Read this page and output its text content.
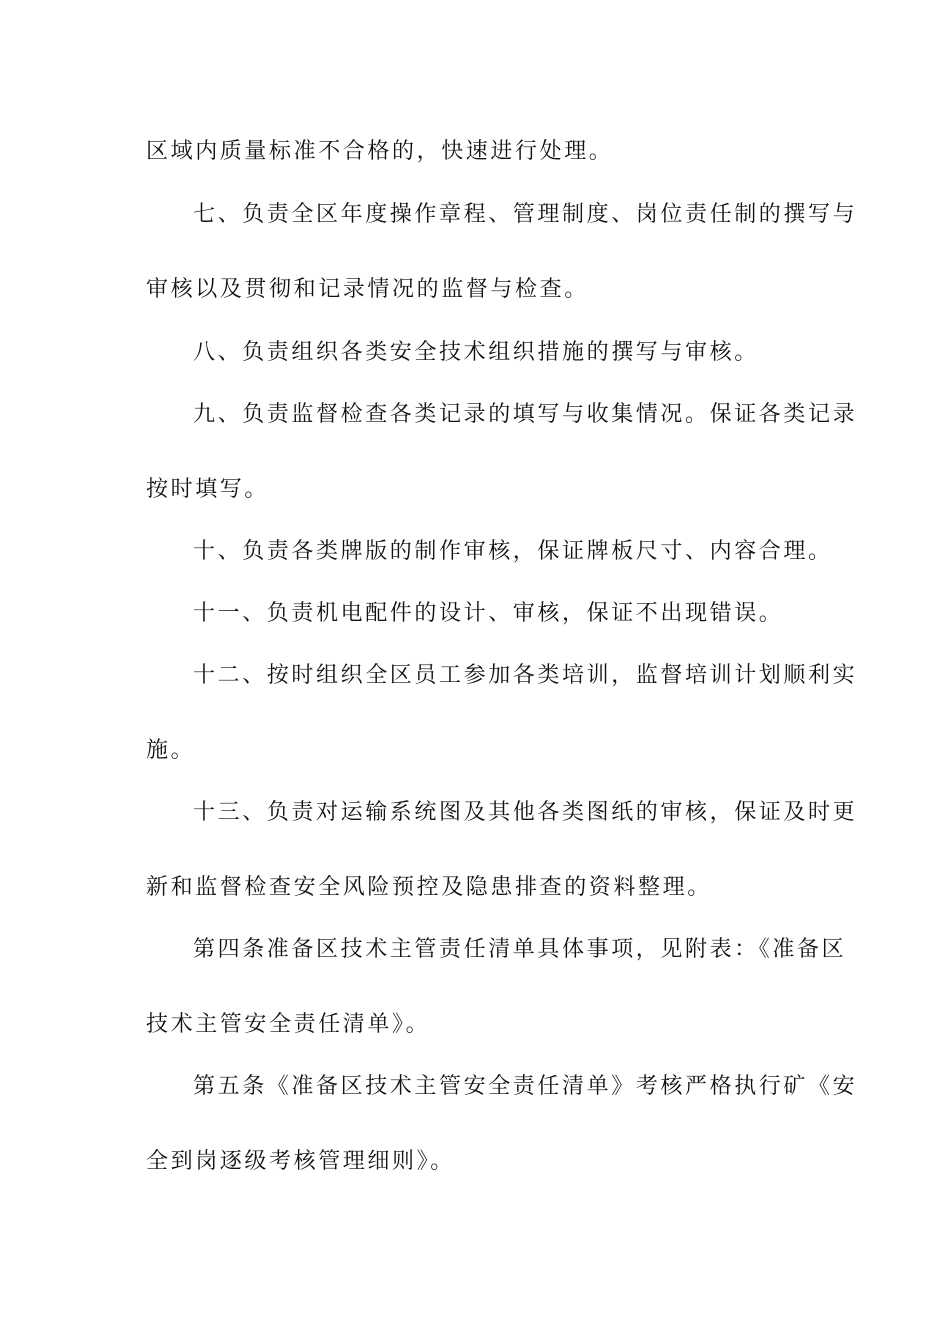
区域内质量标准不合格的，快速进行处理。
七、负责全区年度操作章程、管理制度、岗位责任制的撰写与
审核以及贯彻和记录情况的监督与检查。
八、负责组织各类安全技术组织措施的撰写与审核。
九、负责监督检查各类记录的填写与收集情况。保证各类记录
按时填写。
十、负责各类牌版的制作审核，保证牌板尺寸、内容合理。
十一、负责机电配件的设计、审核，保证不出现错误。
十二、按时组织全区员工参加各类培训，监督培训计划顺利实
施。
十三、负责对运输系统图及其他各类图纸的审核，保证及时更
新和监督检查安全风险预控及隐患排查的资料整理。
第四条准备区技术主管责任清单具体事项，见附表：《准备区
技术主管安全责任清单》。
第五条《准备区技术主管安全责任清单》考核严格执行矿《安
全到岗逐级考核管理细则》。
